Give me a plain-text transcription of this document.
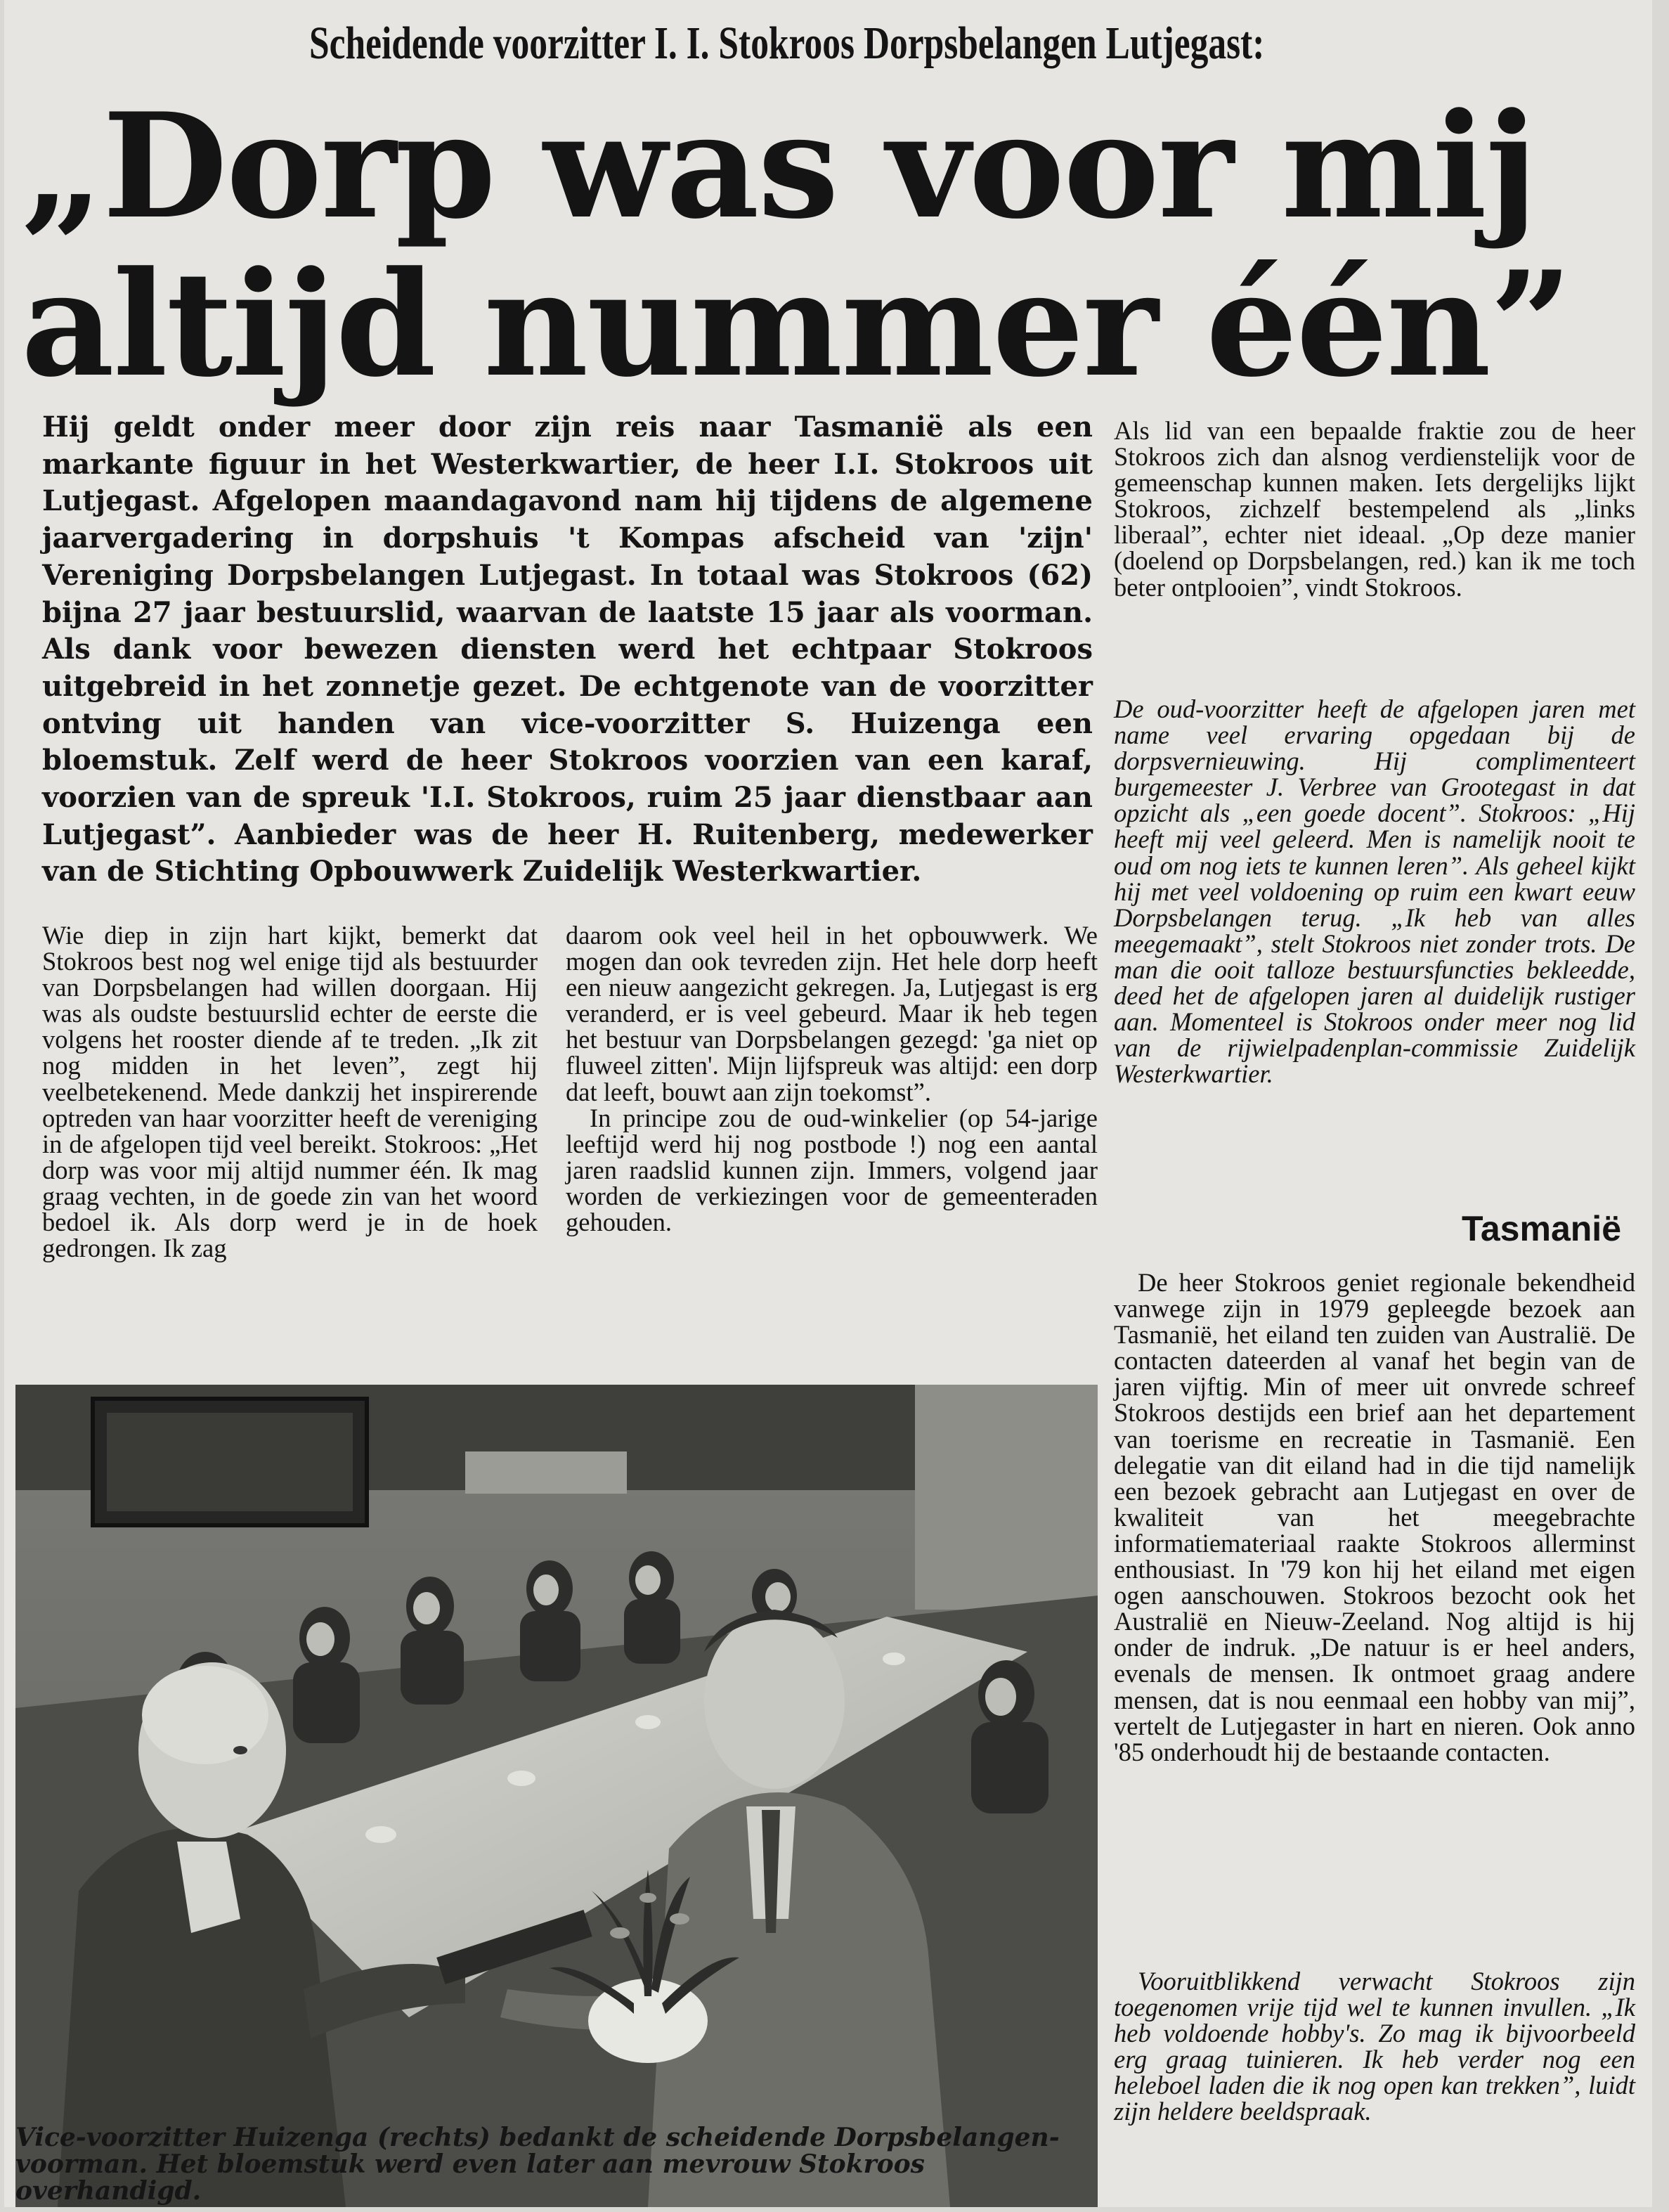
Scheidende voorzitter I. I. Stokroos Dorpsbelangen Lutjegast:
„Dorp was voor mij
altijd nummer één”
Hij geldt onder meer door zijn reis naar Tasmanië als een markante figuur in het Westerkwartier, de heer I.I. Stokroos uit Lutjegast. Afgelopen maandagavond nam hij tijdens de algemene jaarvergadering in dorpshuis 't Kompas afscheid van 'zijn' Vereniging Dorpsbelangen Lutjegast. In totaal was Stokroos (62) bijna 27 jaar bestuurslid, waarvan de laatste 15 jaar als voorman. Als dank voor bewezen diensten werd het echtpaar Stokroos uitgebreid in het zonnetje gezet. De echtgenote van de voorzitter ontving uit handen van vice-voorzitter S. Huizenga een bloemstuk. Zelf werd de heer Stokroos voorzien van een karaf, voorzien van de spreuk 'I.I. Stokroos, ruim 25 jaar dienstbaar aan Lutjegast”. Aanbieder was de heer H. Ruitenberg, medewerker van de Stichting Opbouwwerk Zuidelijk Westerkwartier.

Wie diep in zijn hart kijkt, bemerkt dat Stokroos best nog wel enige tijd als bestuurder van Dorpsbelangen had willen doorgaan. Hij was als oudste bestuurslid echter de eerste die volgens het rooster diende af te treden. „Ik zit nog midden in het leven”, zegt hij veelbetekenend. Mede dankzij het inspirerende optreden van haar voorzitter heeft de vereniging in de afgelopen tijd veel bereikt. Stokroos: „Het dorp was voor mij altijd nummer één. Ik mag graag vechten, in de goede zin van het woord bedoel ik. Als dorp werd je in de hoek gedrongen. Ik zag

daarom ook veel heil in het opbouwwerk. We mogen dan ook tevreden zijn. Het hele dorp heeft een nieuw aangezicht gekregen. Ja, Lutjegast is erg veranderd, er is veel gebeurd. Maar ik heb tegen het bestuur van Dorpsbelangen gezegd: 'ga niet op fluweel zitten'. Mijn lijfspreuk was altijd: een dorp dat leeft, bouwt aan zijn toekomst”.

In principe zou de oud-winkelier (op 54-jarige leeftijd werd hij nog postbode !) nog een aantal jaren raadslid kunnen zijn. Immers, volgend jaar worden de verkiezingen voor de gemeenteraden gehouden.

Als lid van een bepaalde fraktie zou de heer Stokroos zich dan alsnog verdienstelijk voor de gemeenschap kunnen maken. Iets dergelijks lijkt Stokroos, zichzelf bestempelend als „links liberaal”, echter niet ideaal. „Op deze manier (doelend op Dorpsbelangen, red.) kan ik me toch beter ontplooien”, vindt Stokroos.

De oud-voorzitter heeft de afgelopen jaren met name veel ervaring opgedaan bij de dorpsvernieuwing. Hij complimenteert burgemeester J. Verbree van Grootegast in dat opzicht als „een goede docent”. Stokroos: „Hij heeft mij veel geleerd. Men is namelijk nooit te oud om nog iets te kunnen leren”. Als geheel kijkt hij met veel voldoening op ruim een kwart eeuw Dorpsbelangen terug. „Ik heb van alles meegemaakt”, stelt Stokroos niet zonder trots. De man die ooit talloze bestuursfuncties bekleedde, deed het de afgelopen jaren al duidelijk rustiger aan. Momenteel is Stokroos onder meer nog lid van de rijwielpadenplan-commissie Zuidelijk Westerkwartier.

Tasmanië

De heer Stokroos geniet regionale bekendheid vanwege zijn in 1979 gepleegde bezoek aan Tasmanië, het eiland ten zuiden van Australië. De contacten dateerden al vanaf het begin van de jaren vijftig. Min of meer uit onvrede schreef Stokroos destijds een brief aan het departement van toerisme en recreatie in Tasmanië. Een delegatie van dit eiland had in die tijd namelijk een bezoek gebracht aan Lutjegast en over de kwaliteit van het meegebrachte informatiemateriaal raakte Stokroos allerminst enthousiast. In '79 kon hij het eiland met eigen ogen aanschouwen. Stokroos bezocht ook het Australië en Nieuw-Zeeland. Nog altijd is hij onder de indruk. „De natuur is er heel anders, evenals de mensen. Ik ontmoet graag andere mensen, dat is nou eenmaal een hobby van mij”, vertelt de Lutjegaster in hart en nieren. Ook anno '85 onderhoudt hij de bestaande contacten.

Vooruitblikkend verwacht Stokroos zijn toegenomen vrije tijd wel te kunnen invullen. „Ik heb voldoende hobby's. Zo mag ik bijvoorbeeld erg graag tuinieren. Ik heb verder nog een heleboel laden die ik nog open kan trekken”, luidt zijn heldere beeldspraak.

Vice-voorzitter Huizenga (rechts) bedankt de scheidende Dorpsbelangen-voorman. Het bloemstuk werd even later aan mevrouw Stokroos overhandigd.
